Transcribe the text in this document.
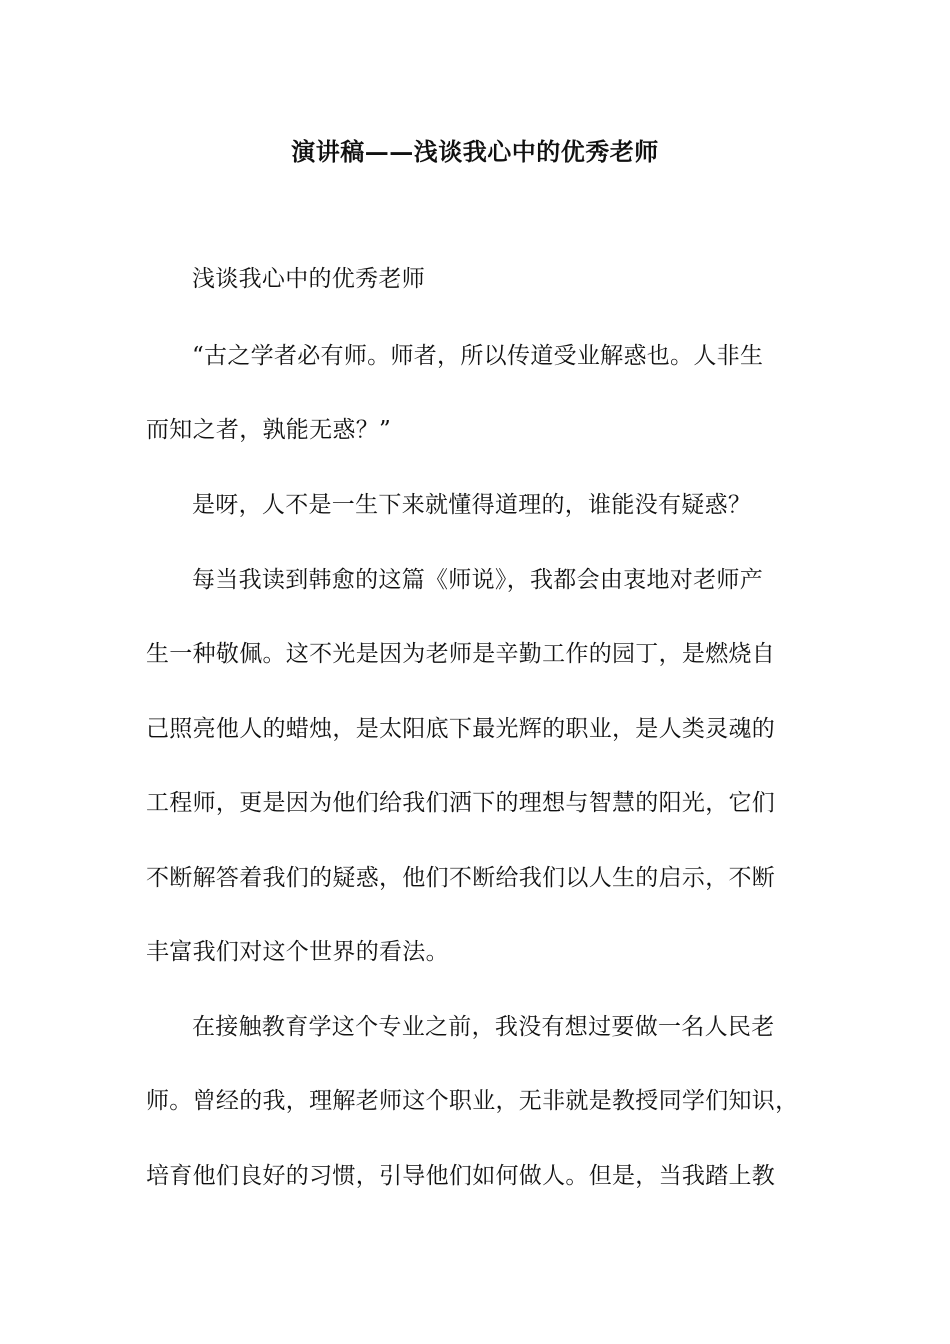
演讲稿——浅谈我心中的优秀老师
浅谈我心中的优秀老师
“古之学者必有师。师者，所以传道受业解惑也。人非生
而知之者，孰能无惑？”
是呀，人不是一生下来就懂得道理的，谁能没有疑惑？
每当我读到韩愈的这篇《师说》，我都会由衷地对老师产
生一种敬佩。这不光是因为老师是辛勤工作的园丁，是燃烧自
己照亮他人的蜡烛，是太阳底下最光辉的职业，是人类灵魂的
工程师，更是因为他们给我们洒下的理想与智慧的阳光，它们
不断解答着我们的疑惑，他们不断给我们以人生的启示，不断
丰富我们对这个世界的看法。
在接触教育学这个专业之前，我没有想过要做一名人民老
师。曾经的我，理解老师这个职业，无非就是教授同学们知识，
培育他们良好的习惯，引导他们如何做人。但是，当我踏上教
